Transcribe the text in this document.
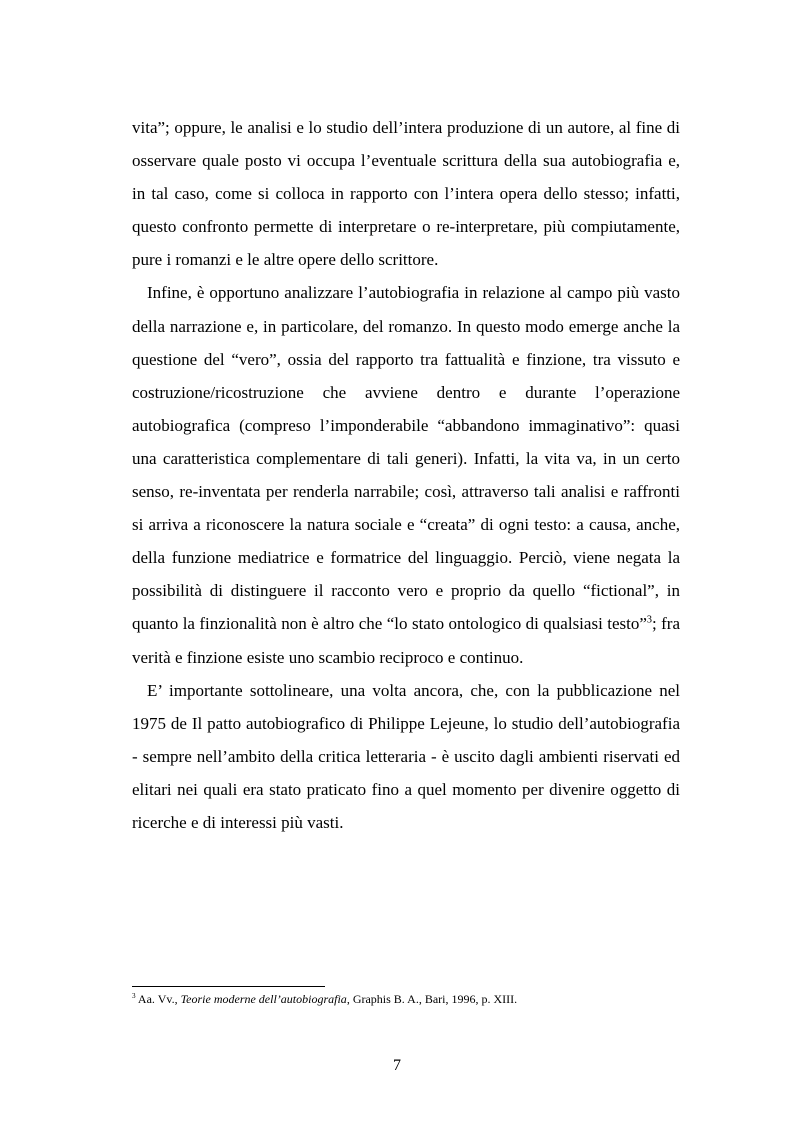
vita”; oppure, le analisi e lo studio dell’intera produzione di un autore, al fine di osservare quale posto vi occupa l’eventuale scrittura della sua autobiografia e, in tal caso, come si colloca in rapporto con l’intera opera dello stesso; infatti, questo confronto permette di interpretare o re-interpretare, più compiutamente, pure i romanzi e le altre opere dello scrittore.

Infine, è opportuno analizzare l’autobiografia in relazione al campo più vasto della narrazione e, in particolare, del romanzo. In questo modo emerge anche la questione del “vero”, ossia del rapporto tra fattualità e finzione, tra vissuto e costruzione/ricostruzione che avviene dentro e durante l’operazione autobiografica (compreso l’imponderabile “abbandono immaginativo”: quasi una caratteristica complementare di tali generi). Infatti, la vita va, in un certo senso, re-inventata per renderla narrabile; così, attraverso tali analisi e raffronti si arriva a riconoscere la natura sociale e “creata” di ogni testo: a causa, anche, della funzione mediatrice e formatrice del linguaggio. Perciò, viene negata la possibilità di distinguere il racconto vero e proprio da quello “fictional”, in quanto la finzionalità non è altro che “lo stato ontologico di qualsiasi testo”$^3$; fra verità e finzione esiste uno scambio reciproco e continuo.

E’ importante sottolineare, una volta ancora, che, con la pubblicazione nel 1975 de Il patto autobiografico di Philippe Lejeune, lo studio dell’autobiografia - sempre nell’ambito della critica letteraria - è uscito dagli ambienti riservati ed elitari nei quali era stato praticato fino a quel momento per divenire oggetto di ricerche e di interessi più vasti.

$^3$ Aa. Vv., Teorie moderne dell’autobiografia, Graphis B. A., Bari, 1996, p. XIII.

7
